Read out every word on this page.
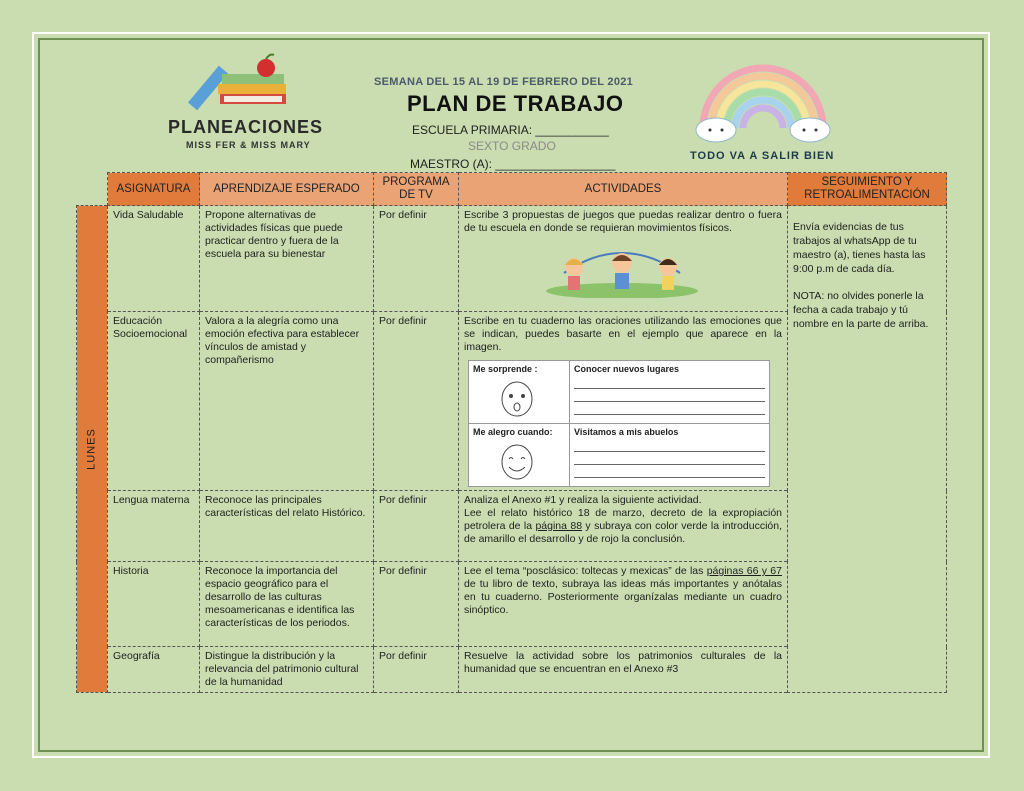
PLANEACIONES
MISS FER & MISS MARY
SEMANA DEL 15 AL 19 DE FEBRERO DEL 2021
PLAN DE TRABAJO
ESCUELA PRIMARIA: ___________
SEXTO GRADO
MAESTRO (A): __________________
TODO VA A SALIR BIEN
	ASIGNATURA	APRENDIZAJE ESPERADO	PROGRAMA DE TV	ACTIVIDADES	SEGUIMIENTO Y RETROALIMENTACIÓN

LUNES	Vida Saludable	Propone alternativas de actividades físicas que puede practicar dentro y fuera de la escuela para su bienestar	Por definir	Escribe 3 propuestas de juegos que puedas realizar dentro o fuera de tu escuela en donde se requieran movimientos físicos.	Envía evidencias de tus trabajos al whatsApp de tu maestro (a), tienes hasta las 9:00 p.m de cada día.
NOTA: no olvides ponerle la fecha a cada trabajo y tú nombre en la parte de arriba.

	Educación Socioemocional	Valora a la alegría como una emoción efectiva para establecer vínculos de amistad y compañerismo	Por definir	Escribe en tu cuaderno las oraciones utilizando las emociones que se indican, puedes basarte en el ejemplo que aparece en la imagen.
Me sorprende : Conocer nuevos lugares
Me alegro cuando: Visitamos a mis abuelos	

	Lengua materna	Reconoce las principales características del relato Histórico.	Por definir	Analiza el Anexo #1 y realiza la siguiente actividad.
Lee el relato histórico 18 de marzo, decreto de la expropiación petrolera de la página 88 y subraya con color verde la introducción, de amarillo el desarrollo y de rojo la conclusión.	

	Historia	Reconoce la importancia del espacio geográfico para el desarrollo de las culturas mesoamericanas e identifica las características de los periodos.	Por definir	Lee el tema “posclásico: toltecas y mexicas” de las páginas 66 y 67 de tu libro de texto, subraya las ideas más importantes y anótalas en tu cuaderno. Posteriormente organízalas mediante un cuadro sinóptico.	
	Geografía	Distingue la distribución y la relevancia del patrimonio cultural de la humanidad	Por definir	Resuelve la actividad sobre los patrimonios culturales de la humanidad que se encuentran en el Anexo #3	
